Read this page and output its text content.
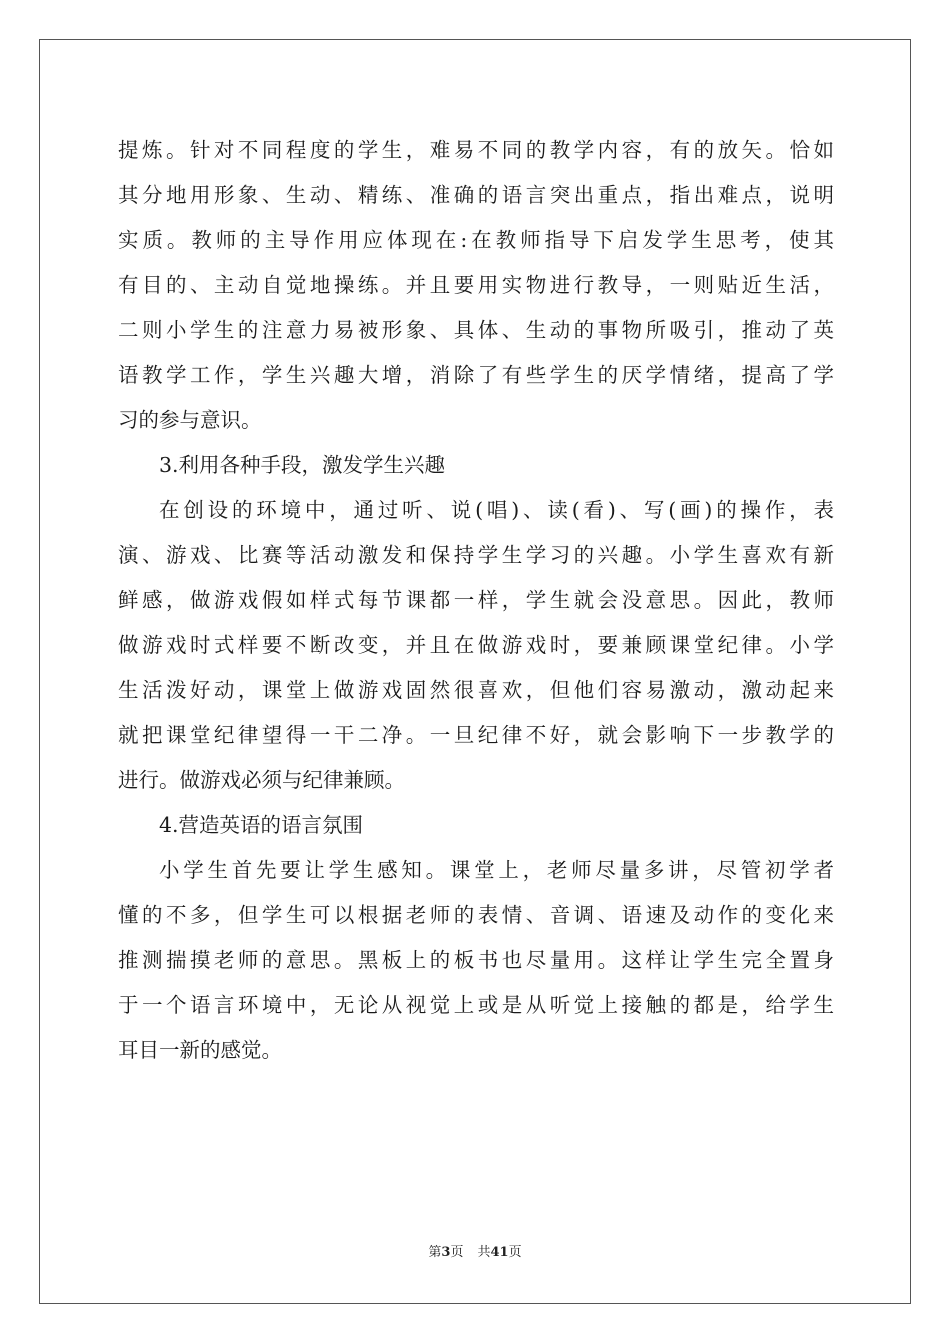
提炼。针对不同程度的学生，难易不同的教学内容，有的放矢。恰如
其分地用形象、生动、精练、准确的语言突出重点，指出难点，说明
实质。教师的主导作用应体现在:在教师指导下启发学生思考，使其
有目的、主动自觉地操练。并且要用实物进行教导，一则贴近生活，
二则小学生的注意力易被形象、具体、生动的事物所吸引，推动了英
语教学工作，学生兴趣大增，消除了有些学生的厌学情绪，提高了学
习的参与意识。
3.利用各种手段，激发学生兴趣
在创设的环境中，通过听、说(唱)、读(看)、写(画)的操作，表
演、游戏、比赛等活动激发和保持学生学习的兴趣。小学生喜欢有新
鲜感，做游戏假如样式每节课都一样，学生就会没意思。因此，教师
做游戏时式样要不断改变，并且在做游戏时，要兼顾课堂纪律。小学
生活泼好动，课堂上做游戏固然很喜欢，但他们容易激动，激动起来
就把课堂纪律望得一干二净。一旦纪律不好，就会影响下一步教学的
进行。做游戏必须与纪律兼顾。
4.营造英语的语言氛围
小学生首先要让学生感知。课堂上，老师尽量多讲，尽管初学者
懂的不多，但学生可以根据老师的表情、音调、语速及动作的变化来
推测揣摸老师的意思。黑板上的板书也尽量用。这样让学生完全置身
于一个语言环境中，无论从视觉上或是从听觉上接触的都是，给学生
耳目一新的感觉。
第3页 共41页
